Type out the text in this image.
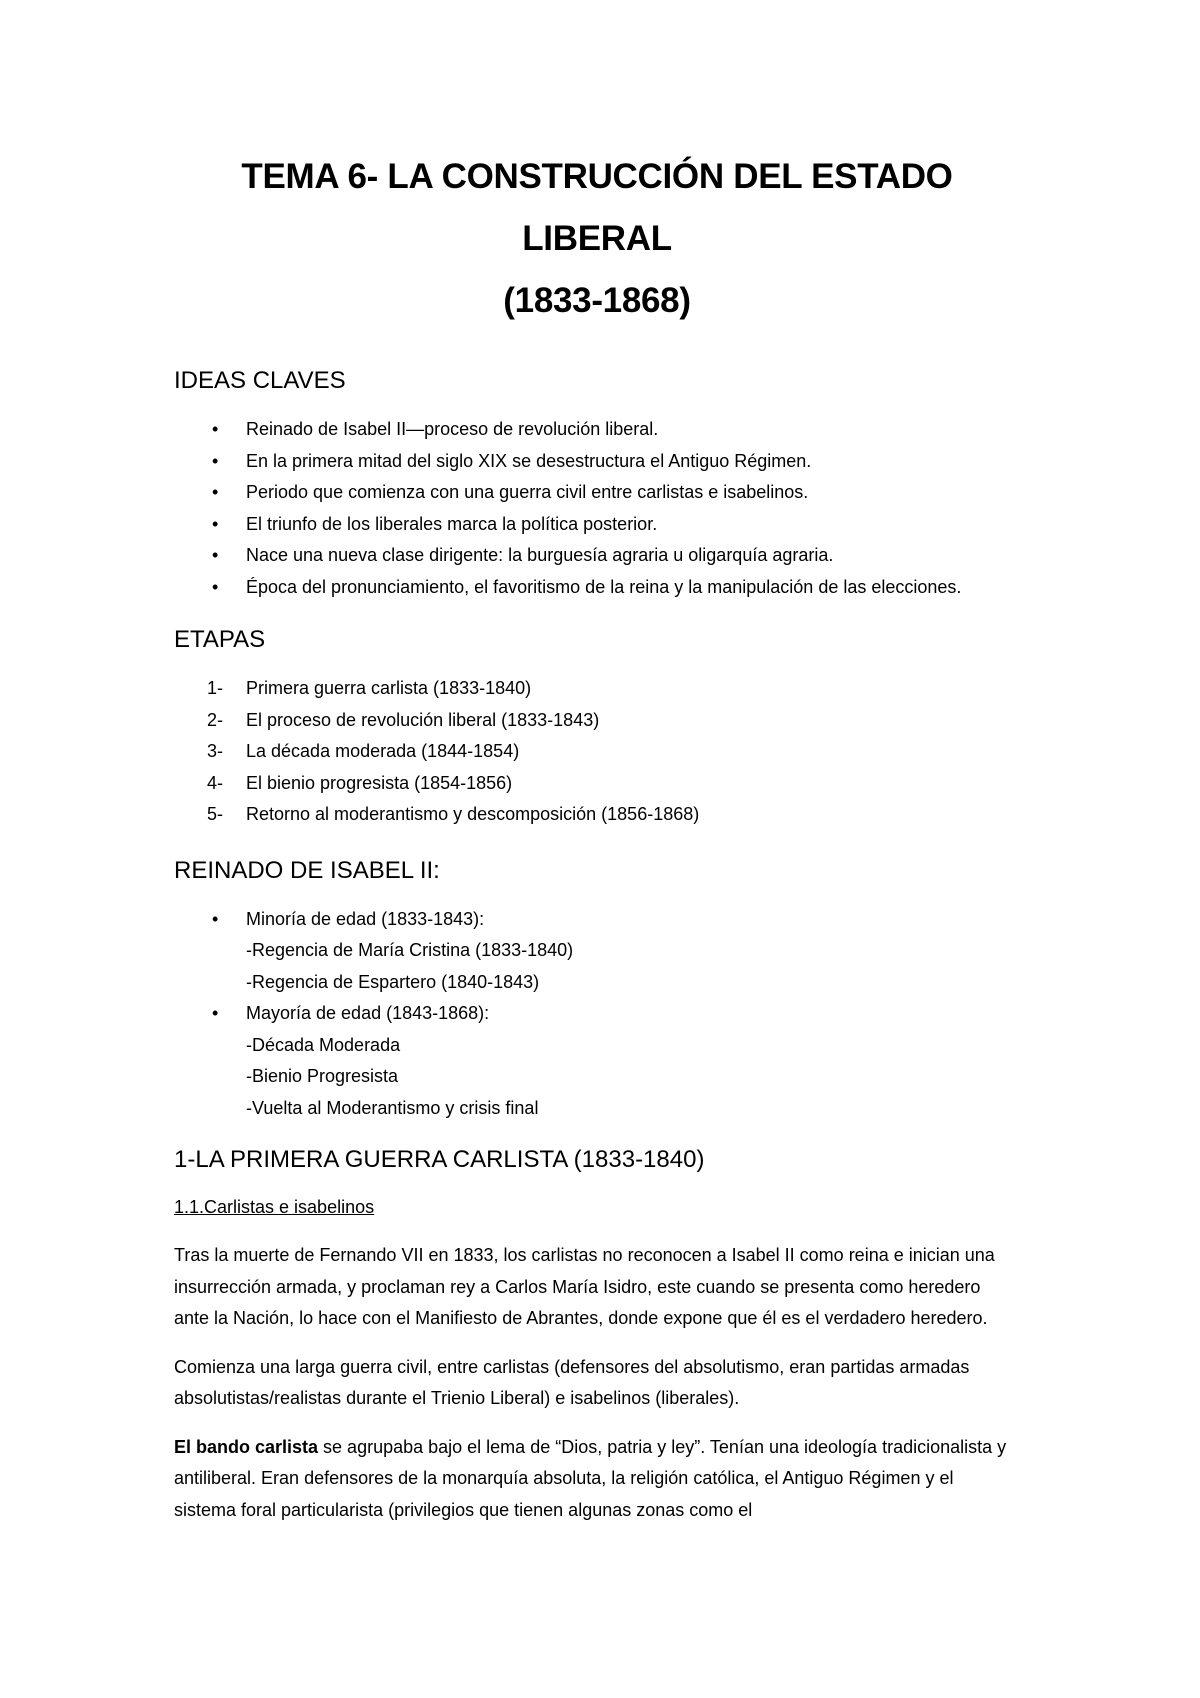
TEMA 6- LA CONSTRUCCIÓN DEL ESTADO LIBERAL
(1833-1868)
IDEAS CLAVES
• Reinado de Isabel II—proceso de revolución liberal.
• En la primera mitad del siglo XIX se desestructura el Antiguo Régimen.
• Periodo que comienza con una guerra civil entre carlistas e isabelinos.
• El triunfo de los liberales marca la política posterior.
• Nace una nueva clase dirigente: la burguesía agraria u oligarquía agraria.
• Época del pronunciamiento, el favoritismo de la reina y la manipulación de las elecciones.
ETAPAS
1- Primera guerra carlista (1833-1840)
2- El proceso de revolución liberal (1833-1843)
3- La década moderada (1844-1854)
4- El bienio progresista (1854-1856)
5- Retorno al moderantismo y descomposición (1856-1868)
REINADO DE ISABEL II:
• Minoría de edad (1833-1843):
-Regencia de María Cristina (1833-1840)
-Regencia de Espartero (1840-1843)
• Mayoría de edad (1843-1868):
-Década Moderada
-Bienio Progresista
-Vuelta al Moderantismo y crisis final
1-LA PRIMERA GUERRA CARLISTA (1833-1840)

1.1.Carlistas e isabelinos

Tras la muerte de Fernando VII en 1833, los carlistas no reconocen a Isabel II como reina e inician una insurrección armada, y proclaman rey a Carlos María Isidro, este cuando se presenta como heredero ante la Nación, lo hace con el Manifiesto de Abrantes, donde expone que él es el verdadero heredero.

Comienza una larga guerra civil, entre carlistas (defensores del absolutismo, eran partidas armadas absolutistas/realistas durante el Trienio Liberal) e isabelinos (liberales).

El bando carlista se agrupaba bajo el lema de “Dios, patria y ley”. Tenían una ideología tradicionalista y antiliberal. Eran defensores de la monarquía absoluta, la religión católica, el Antiguo Régimen y el sistema foral particularista (privilegios que tienen algunas zonas como el
